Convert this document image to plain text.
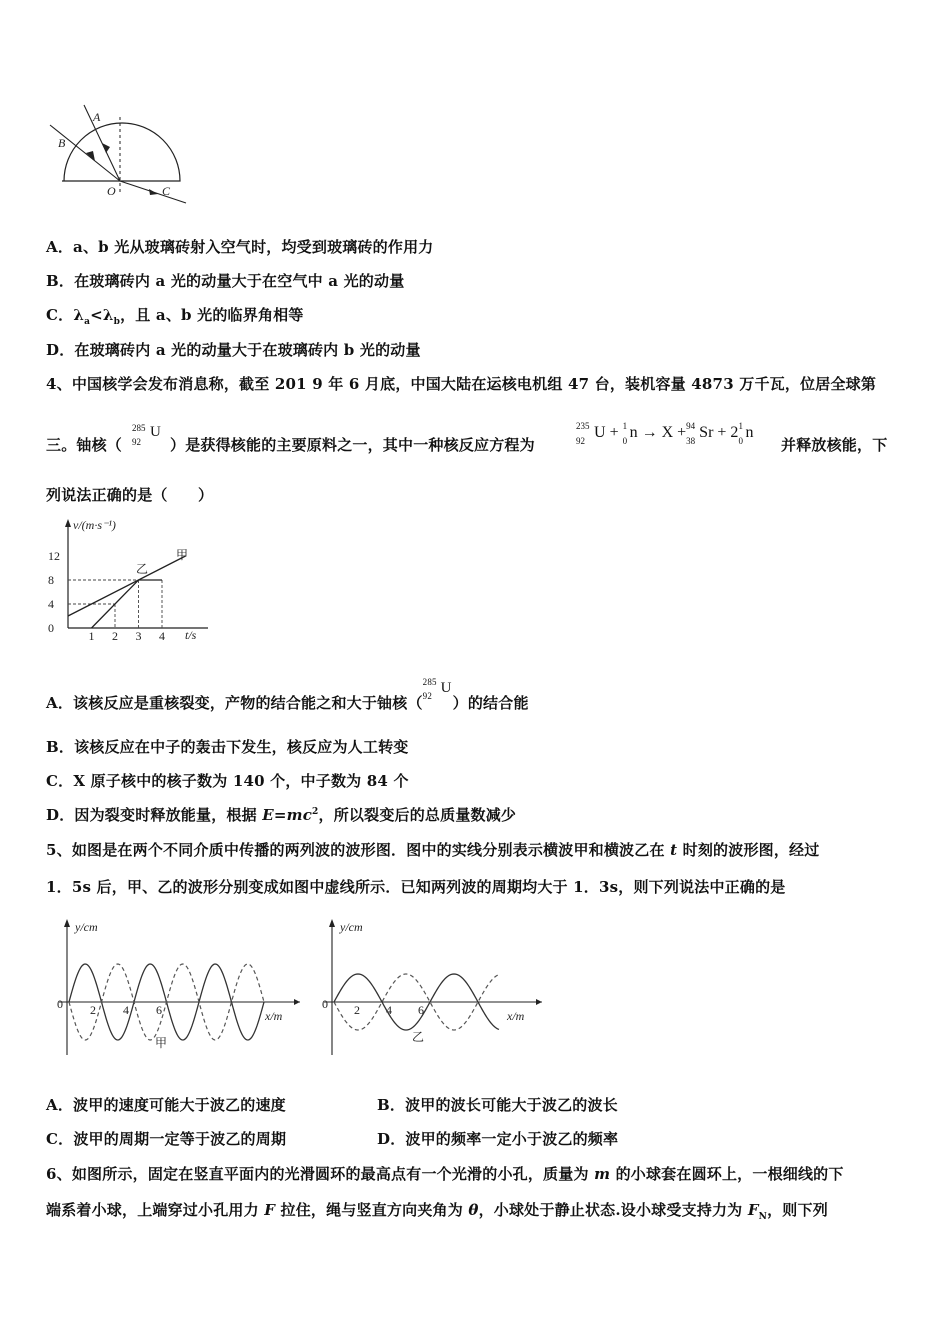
A
B
O	C
A．a、b 光从玻璃砖射入空气时，均受到玻璃砖的作用力
B．在玻璃砖内 a 光的动量大于在空气中 a 光的动量
C．$\lambda_a<\lambda_b$，且 a、b 光的临界角相等
D．在玻璃砖内 a 光的动量大于在玻璃砖内 b 光的动量
4、中国核学会发布消息称，截至 201 9 年 6 月底，中国大陆在运核电机组 47 台，装机容量 4873 万千瓦，位居全球第
三。铀核（
285
92
U
）是获得核能的主要原料之一，其中一种核反应方程为
235
92 U + 1
0 n → X + 94
38 Sr + 2 1
0 n
并释放核能，下
列说法正确的是（　　）
v/(m·s⁻¹)
t/s
0
4
8
12
1 2 3 4
甲
乙
A．该核反应是重核裂变，产物的结合能之和大于铀核（
285
92 U
）的结合能
B．该核反应在中子的轰击下发生，核反应为人工转变
C．X 原子核中的核子数为 140 个，中子数为 84 个
D．因为裂变时释放能量，根据 $E=mc^2$，所以裂变后的总质量数减少
5、如图是在两个不同介质中传播的两列波的波形图．图中的实线分别表示横波甲和横波乙在 t 时刻的波形图，经过
1．5s 后，甲、乙的波形分别变成如图中虚线所示．已知两列波的周期均大于 1．3s，则下列说法中正确的是
y/cm
x/m
0 2 4 6
甲
y/cm
x/m
0 2 4 6
乙
A．波甲的速度可能大于波乙的速度	B．波甲的波长可能大于波乙的波长
C．波甲的周期一定等于波乙的周期	D．波甲的频率一定小于波乙的频率
6、如图所示，固定在竖直平面内的光滑圆环的最高点有一个光滑的小孔，质量为 m 的小球套在圆环上，一根细线的下
端系着小球，上端穿过小孔用力 F 拉住，绳与竖直方向夹角为 θ，小球处于静止状态.设小球受支持力为 $F_N$，则下列
